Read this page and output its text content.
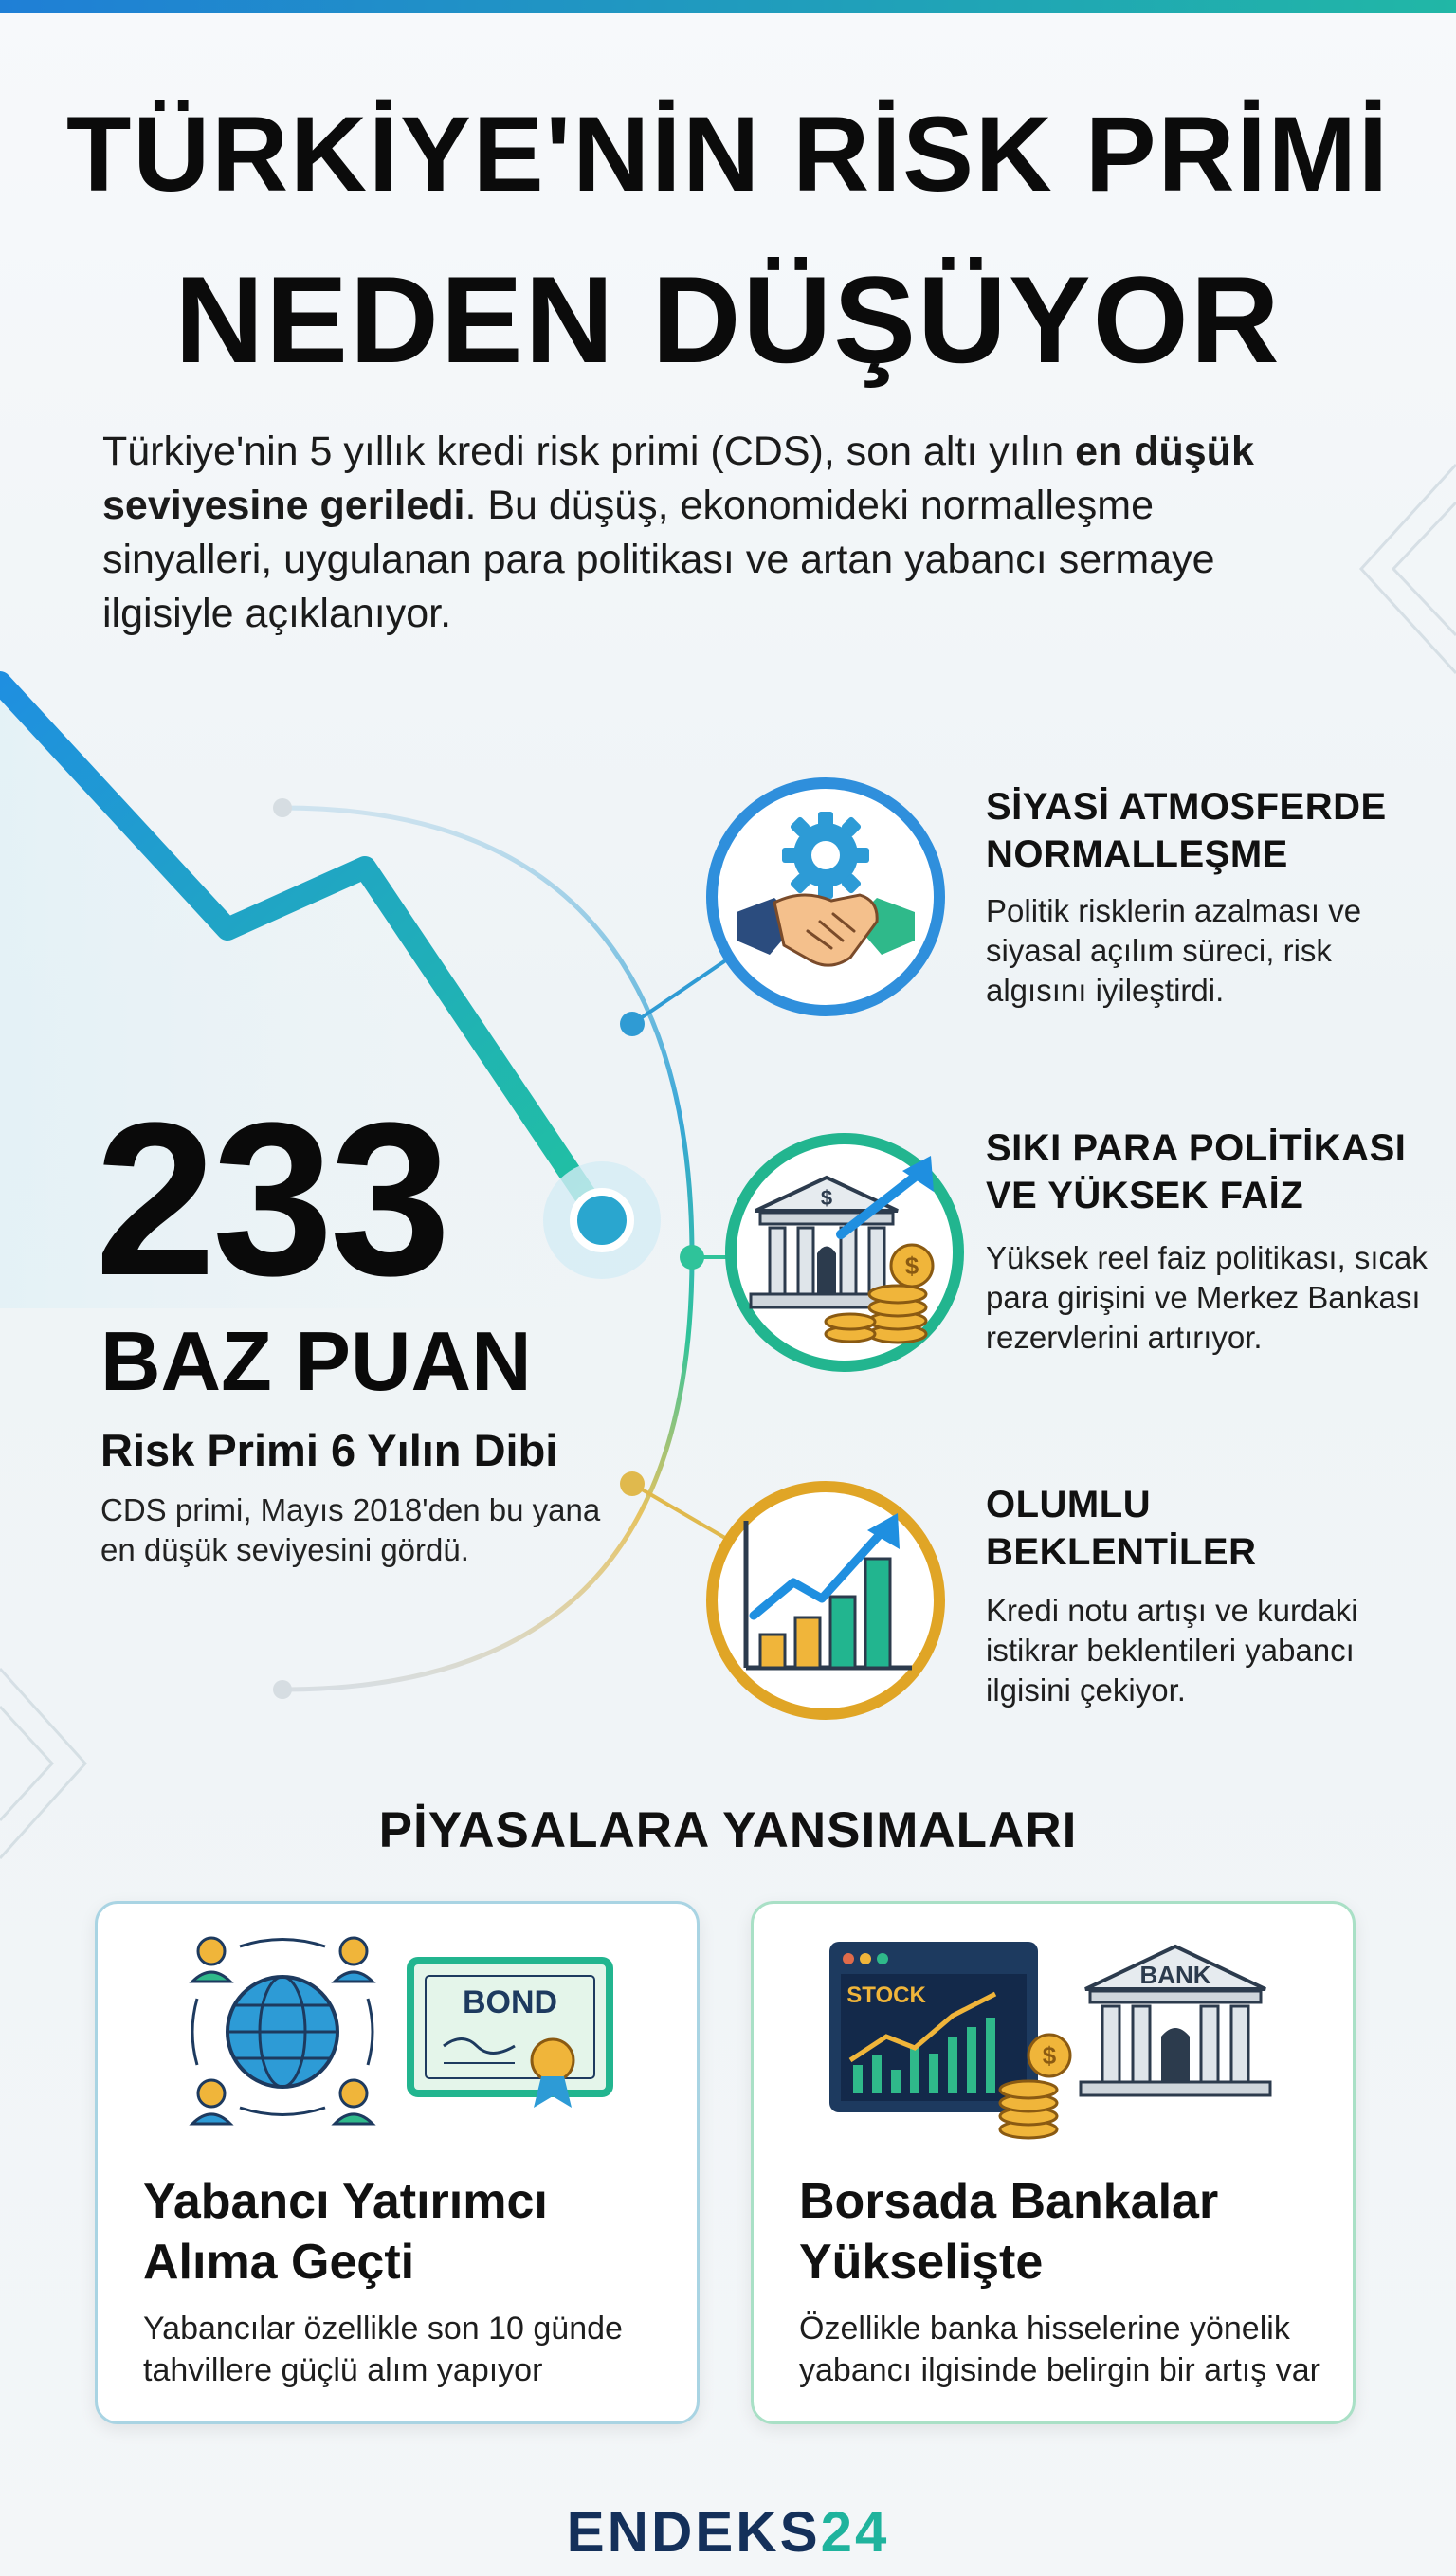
TÜRKİYE'NİN RİSK PRİMİ
NEDEN DÜŞÜYOR

Türkiye'nin 5 yıllık kredi risk primi (CDS), son altı yılın en düşük seviyesine geriledi. Bu düşüş, ekonomideki normalleşme sinyalleri, uygulanan para politikası ve artan yabancı sermaye ilgisiyle açıklanıyor.

233
BAZ PUAN
Risk Primi 6 Yılın Dibi
CDS primi, Mayıs 2018'den bu yana en düşük seviyesini gördü.
SİYASİ ATMOSFERDE
NORMALLEŞME
Politik risklerin azalması ve siyasal açılım süreci, risk algısını iyileştirdi.
$
$
SIKI PARA POLİTİKASI
VE YÜKSEK FAİZ
Yüksek reel faiz politikası, sıcak para girişini ve Merkez Bankası rezervlerini artırıyor.
OLUMLU
BEKLENTİLER
Kredi notu artışı ve kurdaki istikrar beklentileri yabancı ilgisini çekiyor.
PİYASALARA YANSIMALARI
BOND
Yabancı Yatırımcı
Alıma Geçti
Yabancılar özellikle son 10 günde tahvillere güçlü alım yapıyor
STOCK
$
BANK
Borsada Bankalar
Yükselişte
Özellikle banka hisselerine yönelik yabancı ilgisinde belirgin bir artış var
ENDEKS24
